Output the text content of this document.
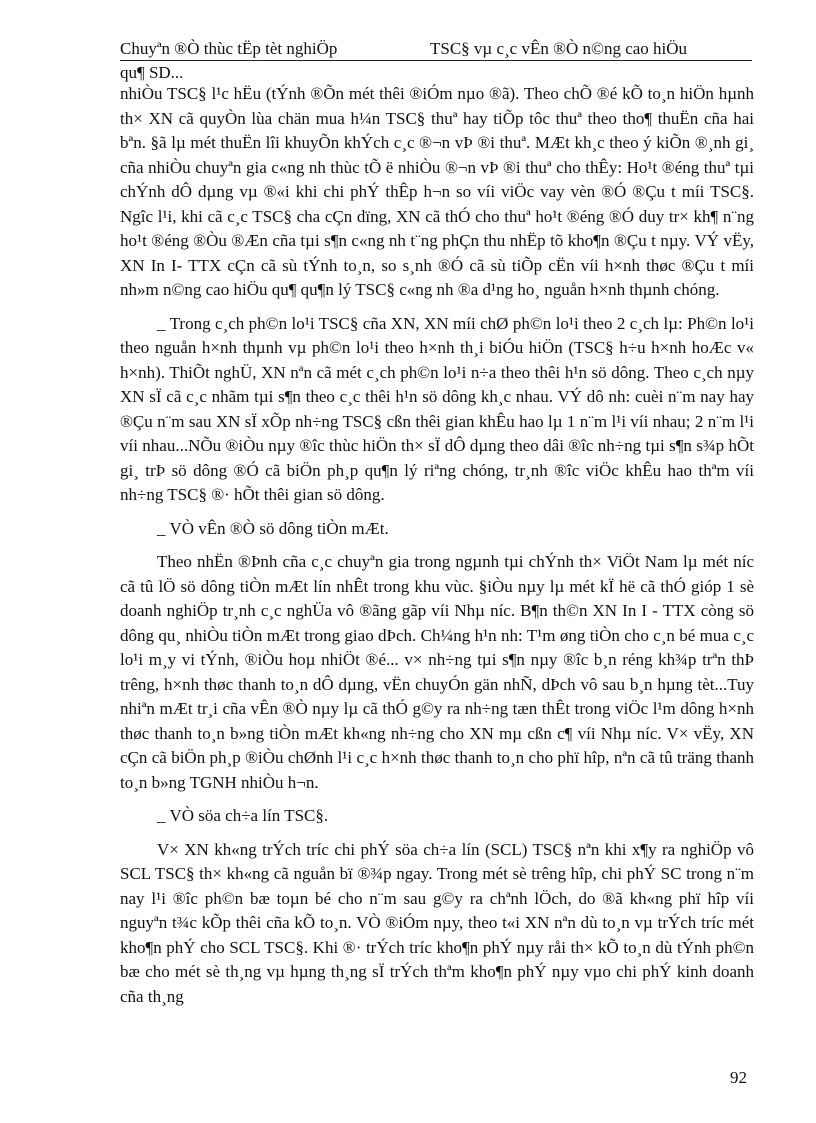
Chuyªn ®Ò thùc tËp tèt nghiÖp	TSC§ vµ c¸c vÊn ®Ò n©ng cao hiÖu
qu¶ SD...

nhiÒu TSC§ l¹c hËu (tÝnh ®Õn mét thêi ®iÓm nµo ®ã). Theo chÕ ®é kÕ to¸n hiÖn hµnh th× XN cã quyÒn lùa chän mua h¼n TSC§ thuª hay tiÕp tôc thuª theo tho¶ thuËn cña hai bªn. §ã lµ mét thuËn lîi khuyÕn khÝch c¸c ®¬n vÞ ®i thuª. MÆt kh¸c theo ý kiÕn ®¸nh gi¸ cña nhiÒu chuyªn gia c«ng nh thùc tÕ ë nhiÒu ®¬n vÞ ®i thuª cho thÊy: Ho¹t ®éng thuª tµi chÝnh dÔ dµng vµ ®«i khi chi phÝ thÊp h¬n so víi viÖc vay vèn ®Ó ®Çu t míi TSC§. Ngîc l¹i, khi cã c¸c TSC§ cha cÇn dïng, XN cã thÓ cho thuª ho¹t ®éng ®Ó duy tr× kh¶ n¨ng ho¹t ®éng ®Òu ®Æn cña tµi s¶n c«ng nh t¨ng phÇn thu nhËp tõ kho¶n ®Çu t nµy. VÝ vËy, XN In I- TTX cÇn cã sù tÝnh to¸n, so s¸nh ®Ó cã sù tiÕp cËn víi h×nh thøc ®Çu t míi nh»m n©ng cao hiÖu qu¶ qu¶n lý TSC§ c«ng nh ®a d¹ng ho¸ nguån h×nh thµnh chóng.

_ Trong c¸ch ph©n lo¹i TSC§ cña XN, XN míi chØ ph©n lo¹i theo 2 c¸ch lµ: Ph©n lo¹i theo nguån h×nh thµnh vµ ph©n lo¹i theo h×nh th¸i biÓu hiÖn (TSC§ h÷u h×nh hoÆc v« h×nh). ThiÕt nghÜ, XN nªn cã mét c¸ch ph©n lo¹i n÷a theo thêi h¹n sö dông. Theo c¸ch nµy XN sÏ cã c¸c nhãm tµi s¶n theo c¸c thêi h¹n sö dông kh¸c nhau. VÝ dô nh: cuèi n¨m nay hay ®Çu n¨m sau XN sÏ xÕp nh÷ng TSC§ cßn thêi gian khÊu hao lµ 1 n¨m l¹i víi nhau; 2 n¨m l¹i víi nhau...NÕu ®iÒu nµy ®îc thùc hiÖn th× sÏ dÔ dµng theo dâi ®îc nh÷ng tµi s¶n s¾p hÕt gi¸ trÞ sö dông ®Ó cã biÖn ph¸p qu¶n lý riªng chóng, tr¸nh ®îc viÖc khÊu hao thªm víi nh÷ng TSC§ ®· hÕt thêi gian sö dông.

_ VÒ vÊn ®Ò sö dông tiÒn mÆt.

Theo nhËn ®Þnh cña c¸c chuyªn gia trong ngµnh tµi chÝnh th× ViÖt Nam lµ mét níc cã tû lÖ sö dông tiÒn mÆt lín nhÊt trong khu vùc. §iÒu nµy lµ mét kÏ hë cã thÓ gióp 1 sè doanh nghiÖp tr¸nh c¸c nghÜa vô ®ãng gãp víi Nhµ níc. B¶n th©n XN In I - TTX còng sö dông qu¸ nhiÒu tiÒn mÆt trong giao dÞch. Ch¼ng h¹n nh: T¹m øng tiÒn cho c¸n bé mua c¸c lo¹i m¸y vi tÝnh, ®iÒu hoµ nhiÖt ®é... v× nh÷ng tµi s¶n nµy ®îc b¸n réng kh¾p trªn thÞ trêng, h×nh thøc thanh to¸n dÔ dµng, vËn chuyÓn gän nhÑ, dÞch vô sau b¸n hµng tèt...Tuy nhiªn mÆt tr¸i cña vÊn ®Ò nµy lµ cã thÓ g©y ra nh÷ng tæn thÊt trong viÖc l¹m dông h×nh thøc thanh to¸n b»ng tiÒn mÆt kh«ng nh÷ng cho XN mµ cßn c¶ víi Nhµ níc. V× vËy, XN cÇn cã biÖn ph¸p ®iÒu chØnh l¹i c¸c h×nh thøc thanh to¸n cho phï hîp, nªn cã tû träng thanh to¸n b»ng TGNH nhiÒu h¬n.

_ VÒ söa ch÷a lín TSC§.

V× XN kh«ng trÝch tríc chi phÝ söa ch÷a lín (SCL) TSC§ nªn khi x¶y ra nghiÖp vô SCL TSC§ th× kh«ng cã nguån bï ®¾p ngay. Trong mét sè trêng hîp, chi phÝ SC trong n¨m nay l¹i ®îc ph©n bæ toµn bé cho n¨m sau g©y ra chªnh lÖch, do ®ã kh«ng phï hîp víi nguyªn t¾c kÕp thêi cña kÕ to¸n. VÒ ®iÓm nµy, theo t«i XN nªn dù to¸n vµ trÝch tríc mét kho¶n phÝ cho SCL TSC§. Khi ®· trÝch tríc kho¶n phÝ nµy råi th× kÕ to¸n dù tÝnh ph©n bæ cho mét sè th¸ng vµ hµng th¸ng sÏ trÝch thªm kho¶n phÝ nµy vµo chi phÝ kinh doanh cña th¸ng

92
